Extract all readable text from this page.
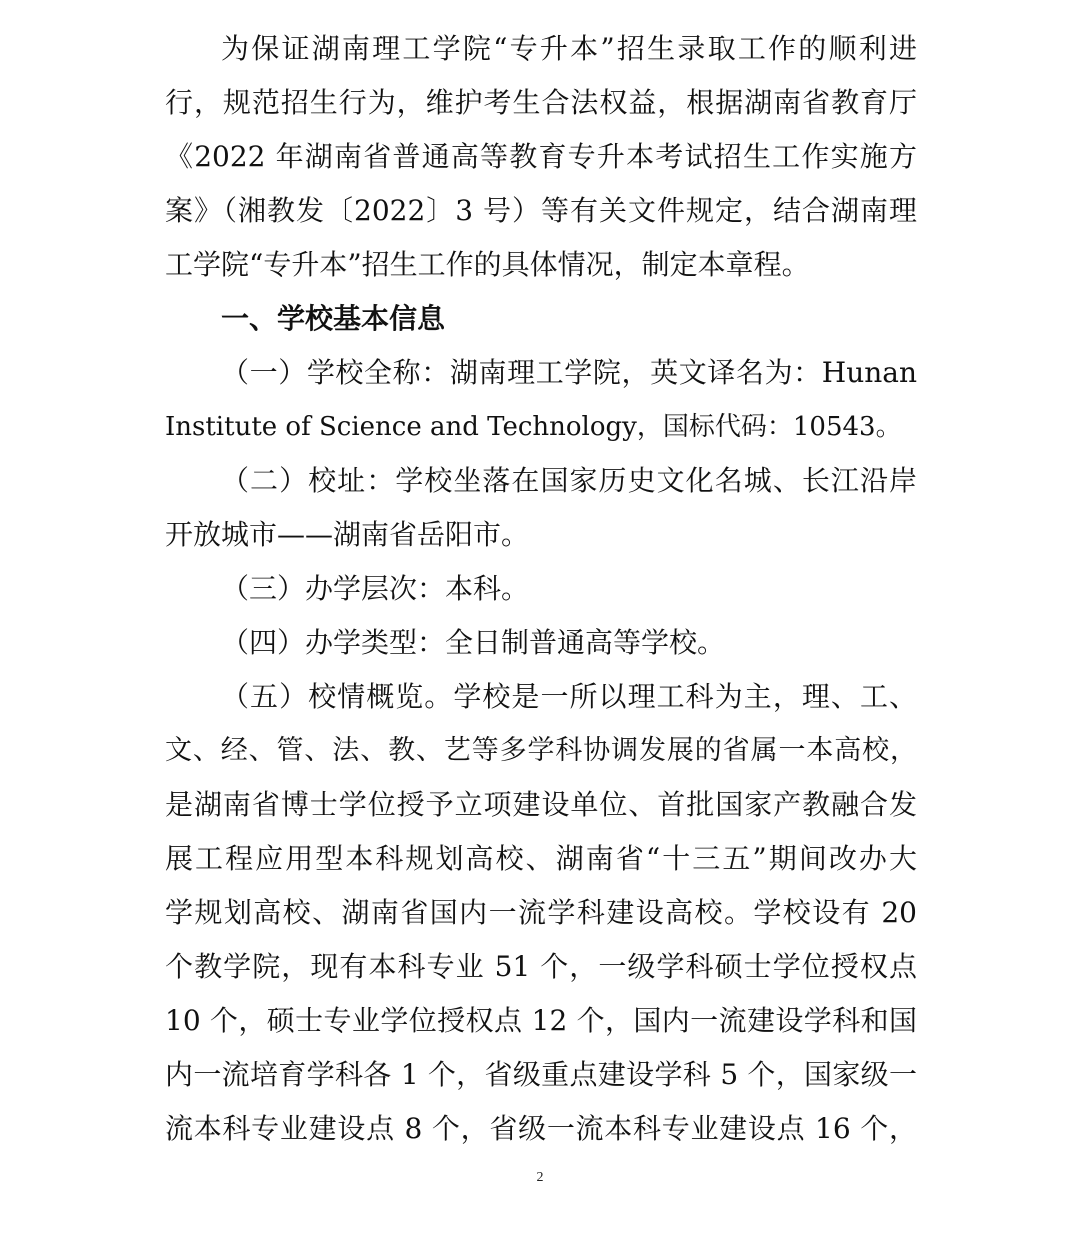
为保证湖南理工学院“专升本”招生录取工作的顺利进
行，规范招生行为，维护考生合法权益，根据湖南省教育厅
《2022 年湖南省普通高等教育专升本考试招生工作实施方
案》（湘教发〔2022〕3 号）等有关文件规定，结合湖南理
工学院“专升本”招生工作的具体情况，制定本章程。
一、学校基本信息
（一）学校全称：湖南理工学院，英文译名为：Hunan
Institute of Science and Technology，国标代码：10543。
（二）校址：学校坐落在国家历史文化名城、长江沿岸
开放城市——湖南省岳阳市。
（三）办学层次：本科。
（四）办学类型：全日制普通高等学校。
（五）校情概览。学校是一所以理工科为主，理、工、
文、经、管、法、教、艺等多学科协调发展的省属一本高校，
是湖南省博士学位授予立项建设单位、首批国家产教融合发
展工程应用型本科规划高校、湖南省“十三五”期间改办大
学规划高校、湖南省国内一流学科建设高校。学校设有 20
个教学院，现有本科专业 51 个，一级学科硕士学位授权点
10 个，硕士专业学位授权点 12 个，国内一流建设学科和国
内一流培育学科各 1 个，省级重点建设学科 5 个，国家级一
流本科专业建设点 8 个，省级一流本科专业建设点 16 个，
2
